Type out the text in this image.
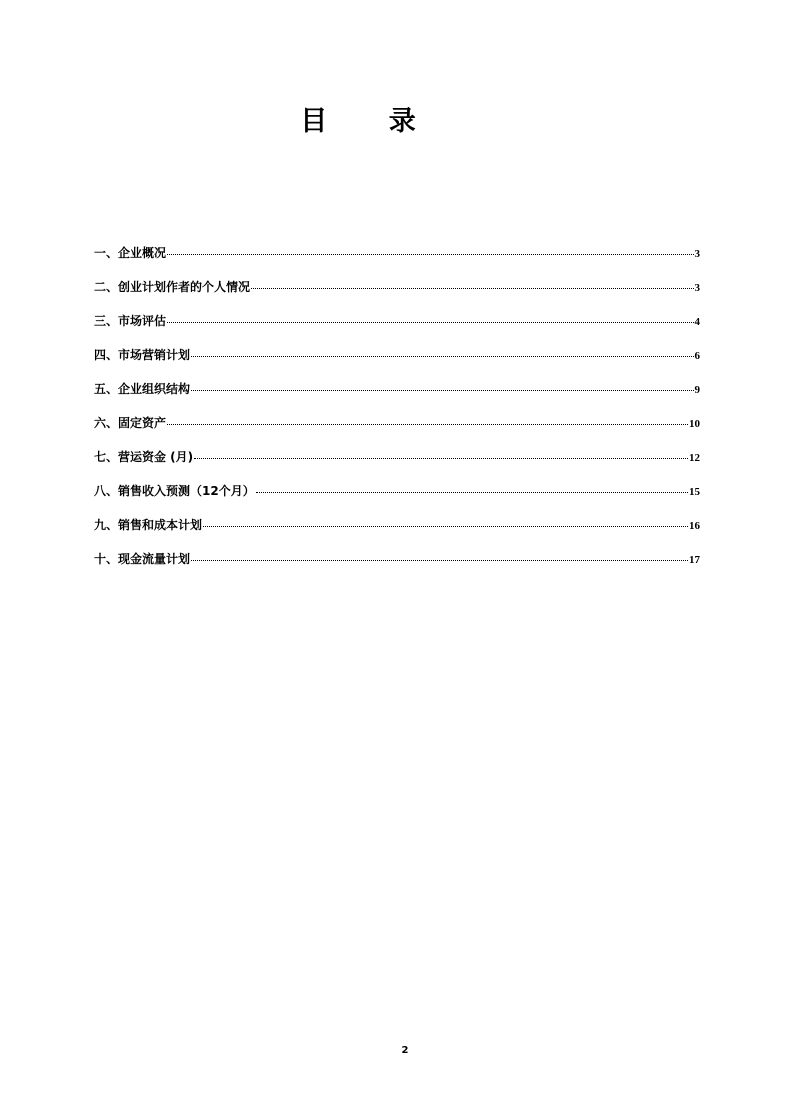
目 录
一、企业概况	3
二、创业计划作者的个人情况	3
三、市场评估	4
四、市场营销计划	6
五、企业组织结构	9
六、固定资产	10
七、营运资金 (月)	12
八、销售收入预测（12个月）	15
九、销售和成本计划	16
十、现金流量计划	17
2
